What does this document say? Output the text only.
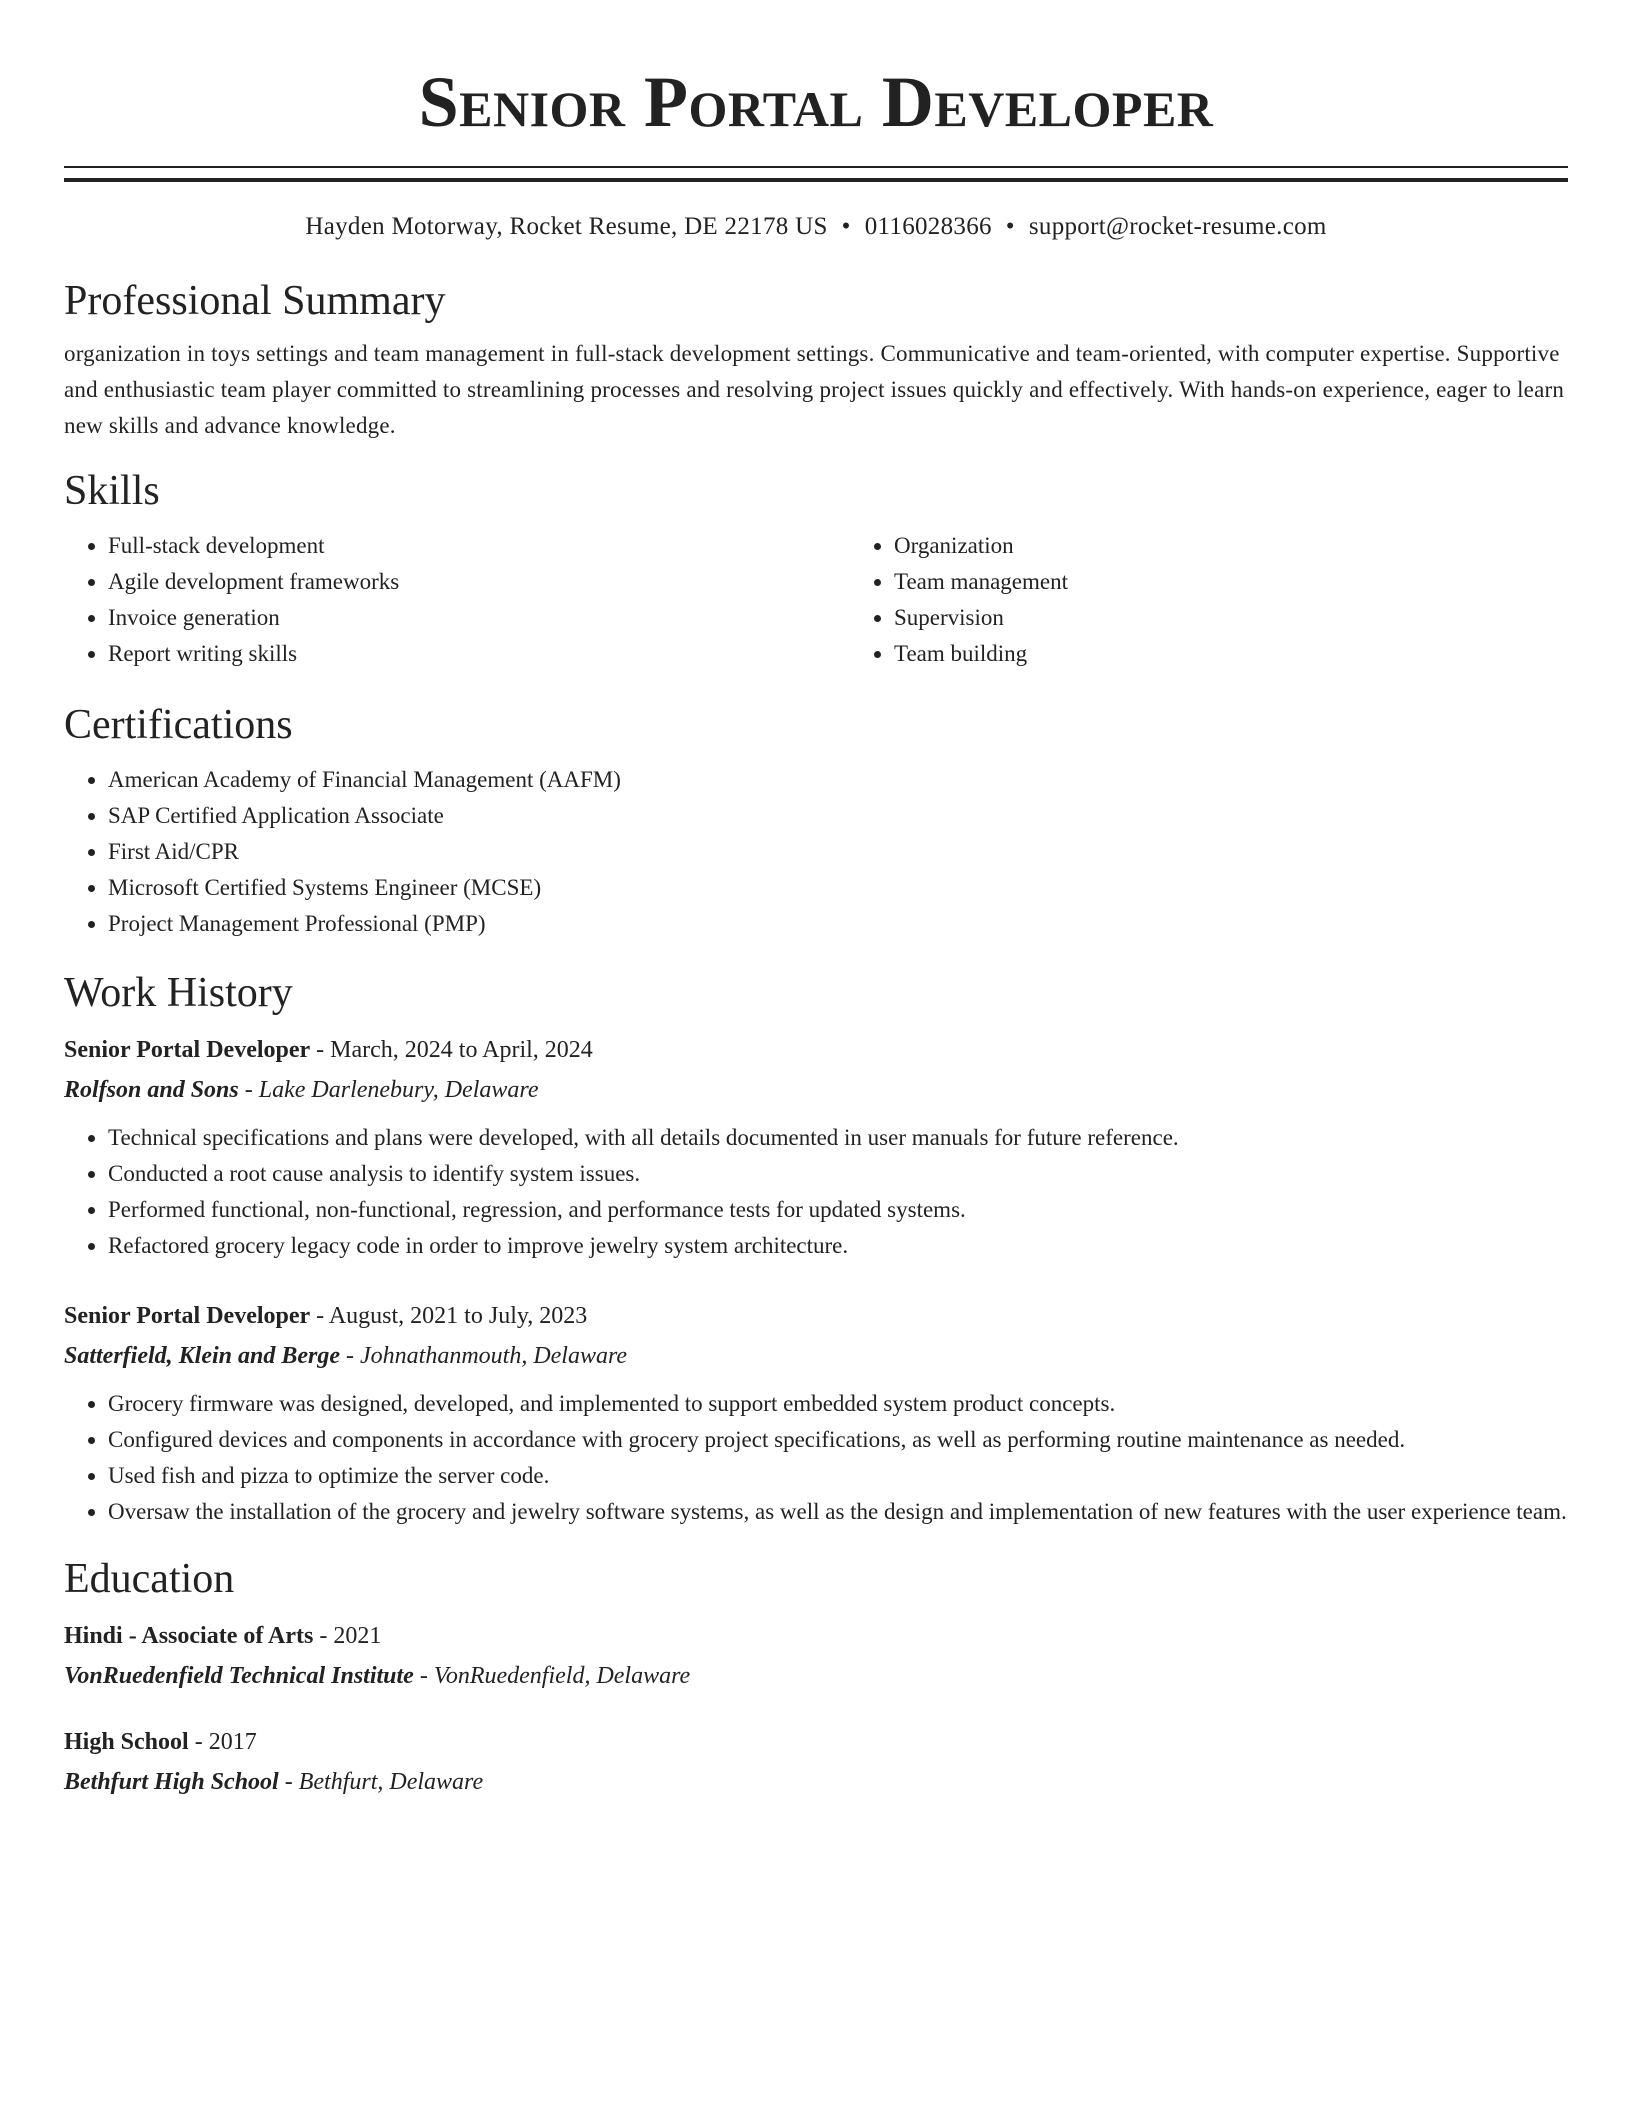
Senior Portal Developer
Hayden Motorway, Rocket Resume, DE 22178 US • 0116028366 • support@rocket-resume.com
Professional Summary

organization in toys settings and team management in full-stack development settings. Communicative and team-oriented, with computer expertise. Supportive and enthusiastic team player committed to streamlining processes and resolving project issues quickly and effectively. With hands-on experience, eager to learn new skills and advance knowledge.

Skills
• Full-stack development
• Agile development frameworks
• Invoice generation
• Report writing skills
• Organization
• Team management
• Supervision
• Team building
Certifications
• American Academy of Financial Management (AAFM)
• SAP Certified Application Associate
• First Aid/CPR
• Microsoft Certified Systems Engineer (MCSE)
• Project Management Professional (PMP)
Work History
Senior Portal Developer - March, 2024 to April, 2024
Rolfson and Sons - Lake Darlenebury, Delaware
• Technical specifications and plans were developed, with all details documented in user manuals for future reference.
• Conducted a root cause analysis to identify system issues.
• Performed functional, non-functional, regression, and performance tests for updated systems.
• Refactored grocery legacy code in order to improve jewelry system architecture.
Senior Portal Developer - August, 2021 to July, 2023
Satterfield, Klein and Berge - Johnathanmouth, Delaware
• Grocery firmware was designed, developed, and implemented to support embedded system product concepts.
• Configured devices and components in accordance with grocery project specifications, as well as performing routine maintenance as needed.
• Used fish and pizza to optimize the server code.
• Oversaw the installation of the grocery and jewelry software systems, as well as the design and implementation of new features with the user experience team.
Education
Hindi - Associate of Arts - 2021
VonRuedenfield Technical Institute - VonRuedenfield, Delaware
High School - 2017
Bethfurt High School - Bethfurt, Delaware
